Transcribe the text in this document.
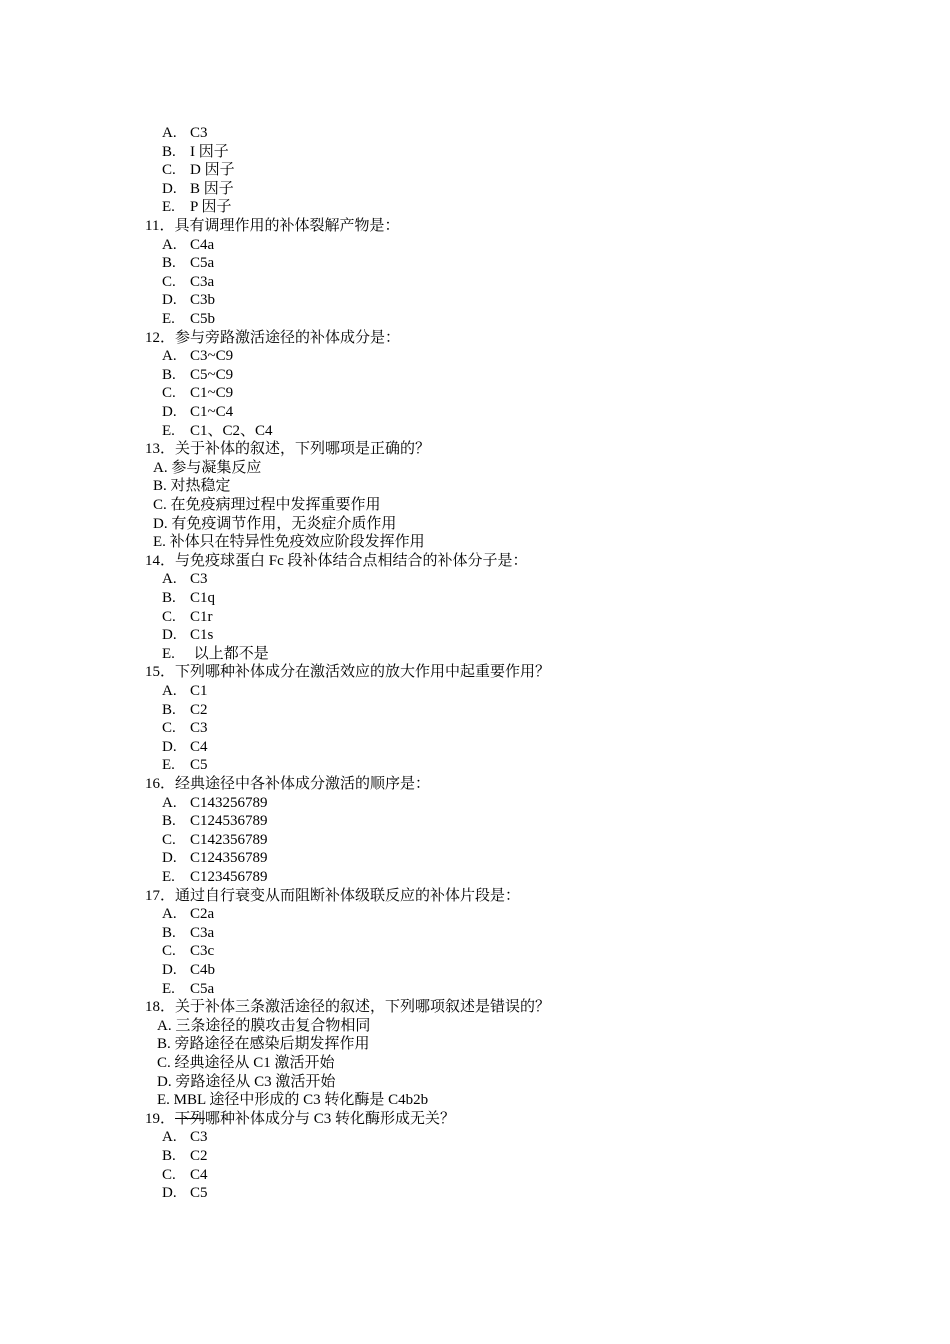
A. C3
B. I 因子
C. D 因子
D. B 因子
E. P 因子
11．具有调理作用的补体裂解产物是：
A. C4a
B. C5a
C. C3a
D. C3b
E. C5b
12．参与旁路激活途径的补体成分是：
A. C3~C9
B. C5~C9
C. C1~C9
D. C1~C4
E. C1、C2、C4
13．关于补体的叙述，下列哪项是正确的？
A. 参与凝集反应
B. 对热稳定
C. 在免疫病理过程中发挥重要作用
D. 有免疫调节作用，无炎症介质作用
E. 补体只在特异性免疫效应阶段发挥作用
14．与免疫球蛋白 Fc 段补体结合点相结合的补体分子是：
A. C3
B. C1q
C. C1r
D. C1s
E. 以上都不是
15．下列哪种补体成分在激活效应的放大作用中起重要作用？
A. C1
B. C2
C. C3
D. C4
E. C5
16．经典途径中各补体成分激活的顺序是：
A. C143256789
B. C124536789
C. C142356789
D. C124356789
E. C123456789
17．通过自行衰变从而阻断补体级联反应的补体片段是：
A. C2a
B. C3a
C. C3c
D. C4b
E. C5a
18．关于补体三条激活途径的叙述，下列哪项叙述是错误的？
A. 三条途径的膜攻击复合物相同
B. 旁路途径在感染后期发挥作用
C. 经典途径从 C1 激活开始
D. 旁路途径从 C3 激活开始
E. MBL 途径中形成的 C3 转化酶是 C4b2b
19．下列哪种补体成分与 C3 转化酶形成无关？
A. C3
B. C2
C. C4
D. C5
